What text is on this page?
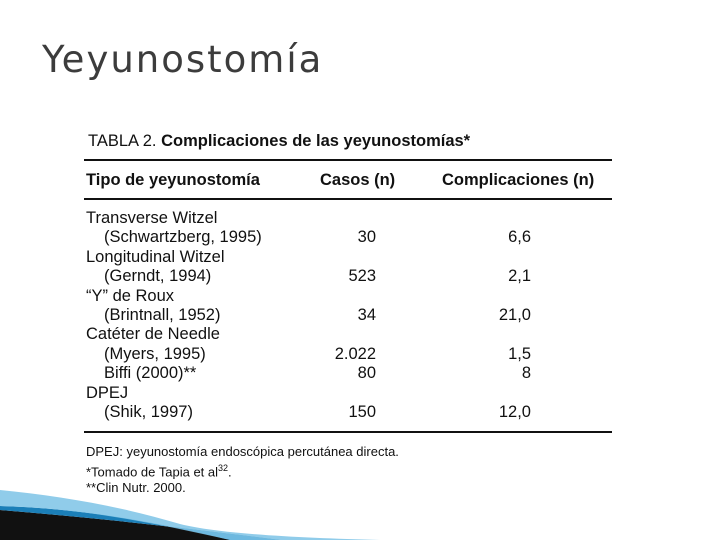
Yeyunostomía
TABLA 2. Complicaciones de las yeyunostomías*
Tipo de yeyunostomía	Casos (n)	Complicaciones (n)
Transverse Witzel
(Schwartzberg, 1995)	30	6,6
Longitudinal Witzel
(Gerndt, 1994)	523	2,1
“Y” de Roux
(Brintnall, 1952)	34	21,0
Catéter de Needle
(Myers, 1995)	2.022	1,5
Biffi (2000)**	80	8
DPEJ
(Shik, 1997)	150	12,0
DPEJ: yeyunostomía endoscópica percutánea directa.
*Tomado de Tapia et $al^{32}$.
**Clin Nutr. 2000.
